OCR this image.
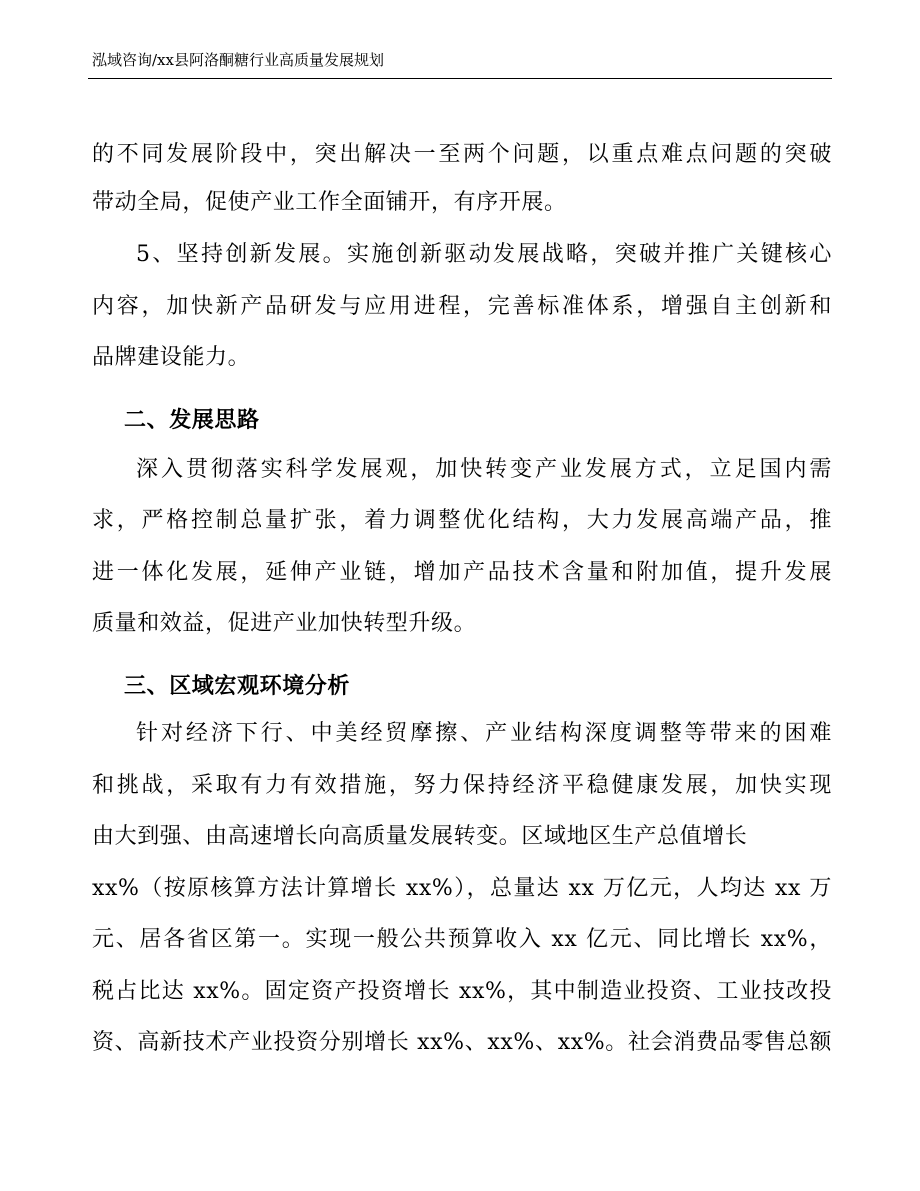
泓域咨询/xx县阿洛酮糖行业高质量发展规划
的不同发展阶段中，突出解决一至两个问题，以重点难点问题的突破
带动全局，促使产业工作全面铺开，有序开展。
5、坚持创新发展。实施创新驱动发展战略，突破并推广关键核心
内容，加快新产品研发与应用进程，完善标准体系，增强自主创新和
品牌建设能力。
二、发展思路
深入贯彻落实科学发展观，加快转变产业发展方式，立足国内需
求，严格控制总量扩张，着力调整优化结构，大力发展高端产品，推
进一体化发展，延伸产业链，增加产品技术含量和附加值，提升发展
质量和效益，促进产业加快转型升级。
三、区域宏观环境分析
针对经济下行、中美经贸摩擦、产业结构深度调整等带来的困难
和挑战，采取有力有效措施，努力保持经济平稳健康发展，加快实现
由大到强、由高速增长向高质量发展转变。区域地区生产总值增长
xx%（按原核算方法计算增长 xx%），总量达 xx 万亿元，人均达 xx 万
元、居各省区第一。实现一般公共预算收入 xx 亿元、同比增长 xx%，
税占比达 xx%。固定资产投资增长 xx%，其中制造业投资、工业技改投
资、高新技术产业投资分别增长 xx%、xx%、xx%。社会消费品零售总额
